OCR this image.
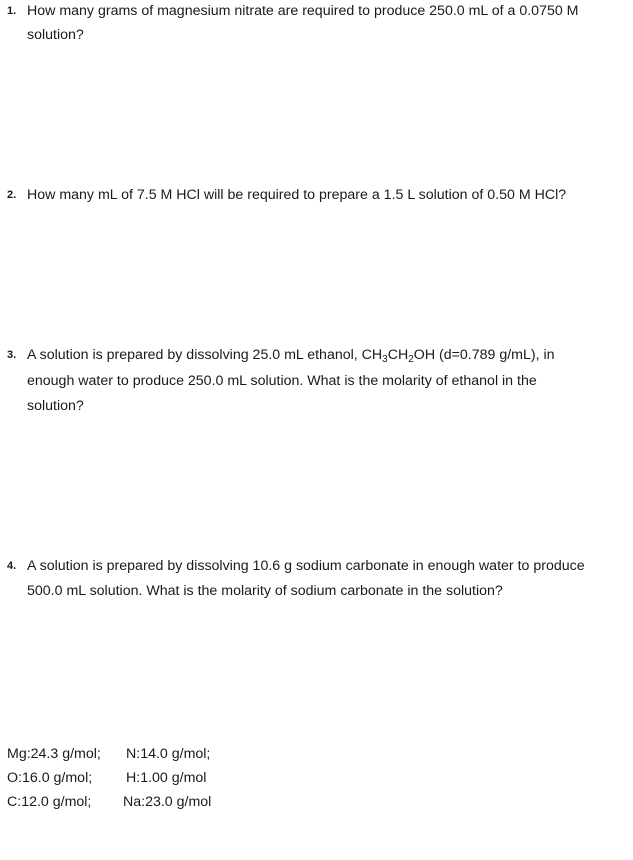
1. How many grams of magnesium nitrate are required to produce 250.0 mL of a 0.0750 M
solution?
2. How many mL of 7.5 M HCl will be required to prepare a 1.5 L solution of 0.50 M HCl?
3. A solution is prepared by dissolving 25.0 mL ethanol, $CH_3CH_2OH$ (d=0.789 g/mL), in
enough water to produce 250.0 mL solution. What is the molarity of ethanol in the
solution?
4. A solution is prepared by dissolving 10.6 g sodium carbonate in enough water to produce
500.0 mL solution. What is the molarity of sodium carbonate in the solution?
Mg:24.3 g/mol; N:14.0 g/mol;
O:16.0 g/mol; H:1.00 g/mol
C:12.0 g/mol; Na:23.0 g/mol
